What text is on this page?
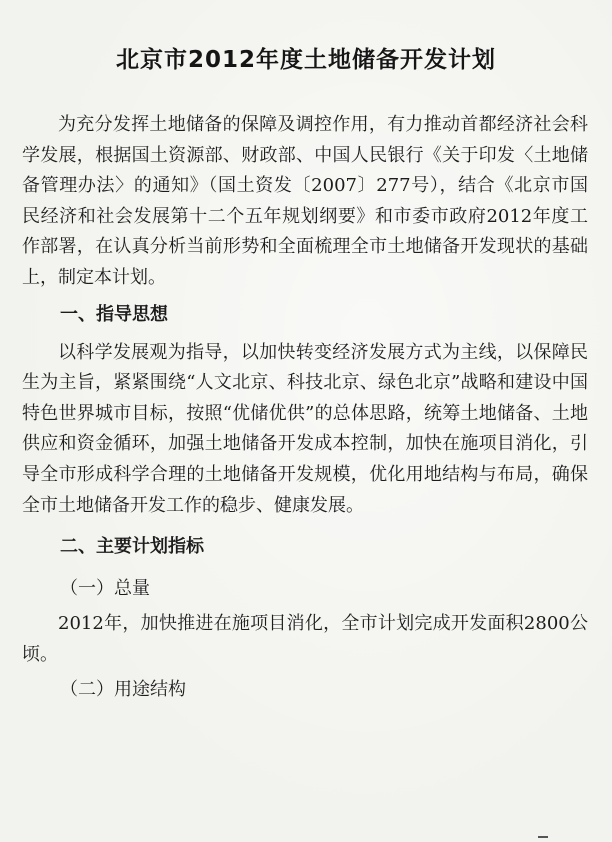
北京市2012年度土地储备开发计划

为充分发挥土地储备的保障及调控作用，有力推动首都经济社会科学发展，根据国土资源部、财政部、中国人民银行《关于印发〈土地储备管理办法〉的通知》（国土资发〔2007〕277号），结合《北京市国民经济和社会发展第十二个五年规划纲要》和市委市政府2012年度工作部署，在认真分析当前形势和全面梳理全市土地储备开发现状的基础上，制定本计划。

一、指导思想

以科学发展观为指导，以加快转变经济发展方式为主线，以保障民生为主旨，紧紧围绕“人文北京、科技北京、绿色北京”战略和建设中国特色世界城市目标，按照“优储优供”的总体思路，统筹土地储备、土地供应和资金循环，加强土地储备开发成本控制，加快在施项目消化，引导全市形成科学合理的土地储备开发规模，优化用地结构与布局，确保全市土地储备开发工作的稳步、健康发展。

二、主要计划指标

（一）总量

2012年，加快推进在施项目消化，全市计划完成开发面积2800公顷。

（二）用途结构
